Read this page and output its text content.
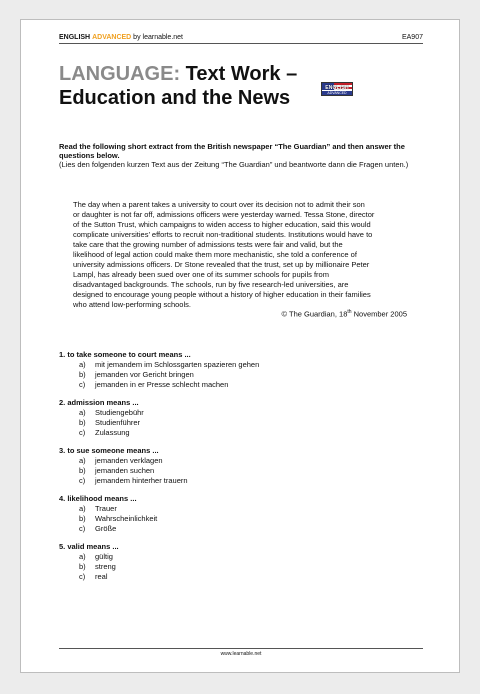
ENGLISH ADVANCED by learnable.net	EA907
LANGUAGE: Text Work –
Education and the News	ENGLISH
ADVANCED
Read the following short extract from the British newspaper “The Guardian” and then answer the questions below.
(Lies den folgenden kurzen Text aus der Zeitung “The Guardian” und beantworte dann die Fragen unten.)
The day when a parent takes a university to court over its decision not to admit their son
or daughter is not far off, admissions officers were yesterday warned. Tessa Stone, director
of the Sutton Trust, which campaigns to widen access to higher education, said this would
complicate universities’ efforts to recruit non-traditional students. Institutions would have to
take care that the growing number of admissions tests were fair and valid, but the
likelihood of legal action could make them more mechanistic, she told a conference of
university admissions officers. Dr Stone revealed that the trust, set up by millionaire Peter
Lampl, has already been sued over one of its summer schools for pupils from
disadvantaged backgrounds. The schools, run by five research-led universities, are
designed to encourage young people without a history of higher education in their families
who attend low-performing schools.
© The Guardian, 18th November 2005
1. to take someone to court means ...
a)	mit jemandem im Schlossgarten spazieren gehen
b)	jemanden vor Gericht bringen
c)	jemanden in er Presse schlecht machen
2. admission means ...
a)	Studiengebühr
b)	Studienführer
c)	Zulassung
3. to sue someone means ...
a)	jemanden verklagen
b)	jemanden suchen
c)	jemandem hinterher trauern
4. likelihood means ...
a)	Trauer
b)	Wahrscheinlichkeit
c)	Größe
5. valid means ...
a)	gültig
b)	streng
c)	real
www.learnable.net
